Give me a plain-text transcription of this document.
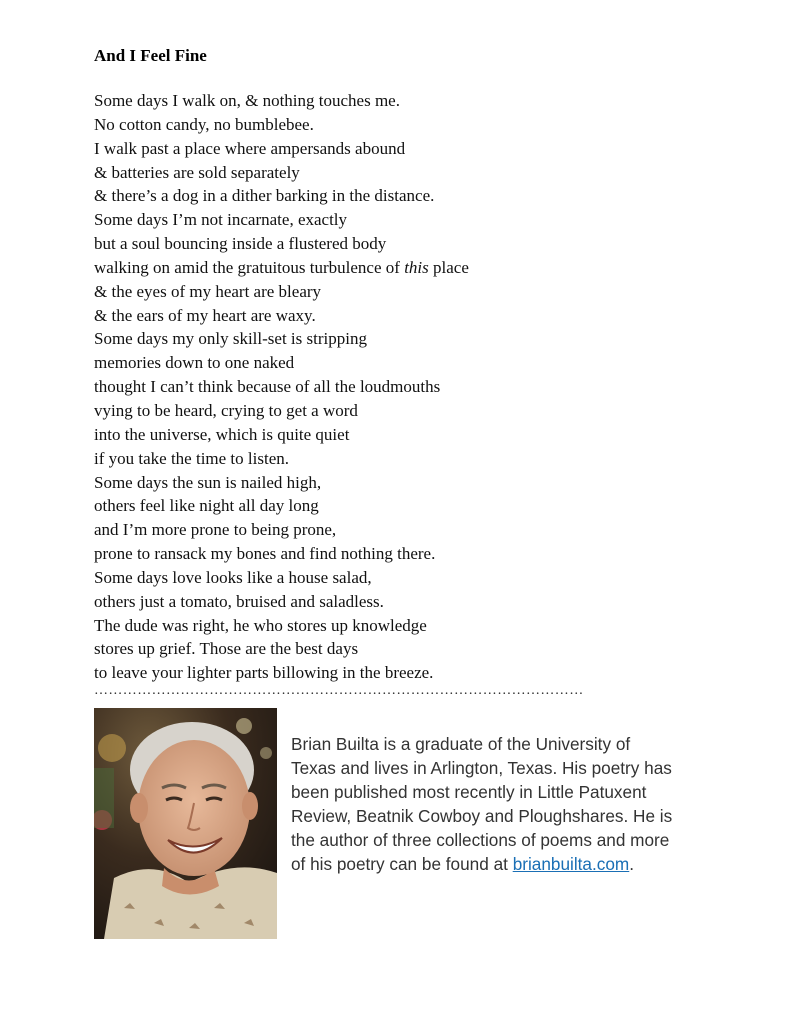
And I Feel Fine
Some days I walk on, & nothing touches me.
No cotton candy, no bumblebee.
I walk past a place where ampersands abound
& batteries are sold separately
& there’s a dog in a dither barking in the distance.
Some days I’m not incarnate, exactly
but a soul bouncing inside a flustered body
walking on amid the gratuitous turbulence of this place
& the eyes of my heart are bleary
& the ears of my heart are waxy.
Some days my only skill-set is stripping
memories down to one naked
thought I can’t think because of all the loudmouths
vying to be heard, crying to get a word
into the universe, which is quite quiet
if you take the time to listen.
Some days the sun is nailed high,
others feel like night all day long
and I’m more prone to being prone,
prone to ransack my bones and find nothing there.
Some days love looks like a house salad,
others just a tomato, bruised and saladless.
The dude was right, he who stores up knowledge
stores up grief. Those are the best days
to leave your lighter parts billowing in the breeze.
…………………………………………………………………………………………
Brian Builta is a graduate of the University of
Texas and lives in Arlington, Texas. His poetry has
been published most recently in Little Patuxent
Review, Beatnik Cowboy and Ploughshares. He is
the author of three collections of poems and more
of his poetry can be found at brianbuilta.com.
